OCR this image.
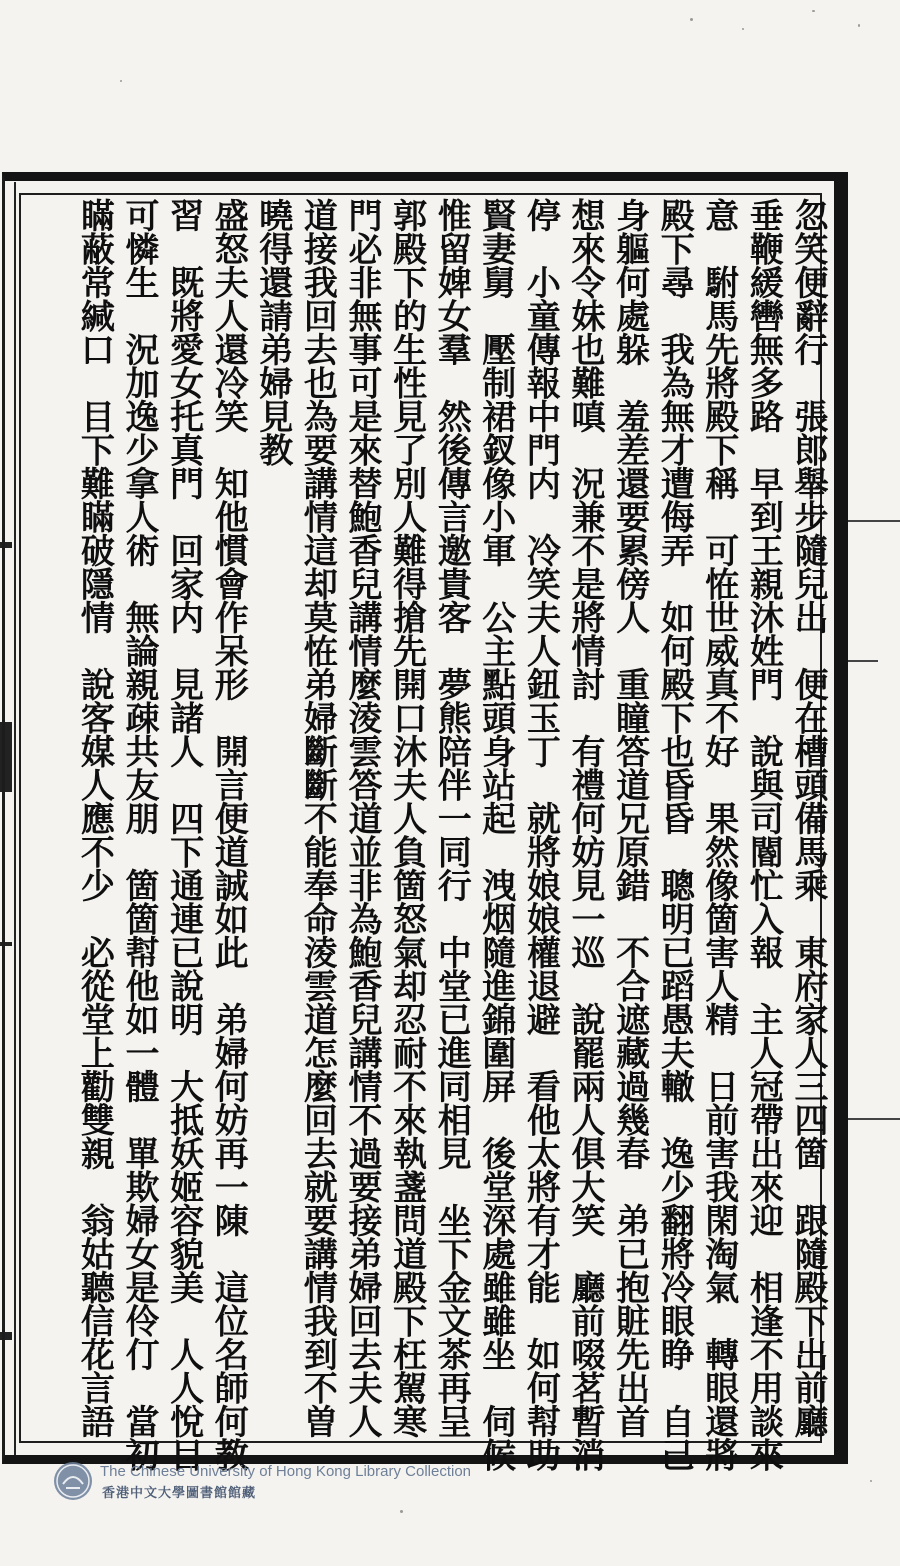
忽笑便辭行　張郎舉步隨兒出　便在槽頭備馬乘　東府家人三四箇　跟隨殿下出前廳
垂鞭緩轡無多路　早到王親沐姓門　說與司閽忙入報　主人冠帶出來迎　相逢不用談來
意　駙馬先將殿下稱　可恠世威真不好　果然像箇害人精　日前害我閑淘氣　轉眼還將
殿下尋　我為無才遭侮弄　如何殿下也昏昏　聰明已蹈愚夫轍　逸少翻將冷眼睁　自己
身軀何處躲　羞差還要累傍人　重瞳答道兄原錯　不合遮藏過幾春　弟已抱賍先出首
想來令妹也難嗔　況兼不是將情討　有禮何妨見一巡　說罷兩人俱大笑　廳前啜茗暫消
停　小童傳報中門内　冷笑夫人鈕玉丁　就將娘娘權退避　看他太將有才能　如何幇助
賢妻舅　壓制裙釵像小軍　公主點頭身站起　洩烟隨進錦圍屏　後堂深處雖雖坐　伺候
惟留婢女羣　然後傳言邀貴客　夢熊陪伴一同行　中堂已進同相見　坐下金文茶再呈
郭殿下的生性見了別人難得搶先開口沐夫人負箇怒氣却忍耐不來執盞問道殿下枉駕寒
門必非無事可是來替鮑香兒講情麼淩雲答道並非為鮑香兒講情不過要接弟婦回去夫人
道接我回去也為要講情這却莫恠弟婦斷斷不能奉命淩雲道怎麼回去就要講情我到不曽
曉得還請弟婦見教
盛怒夫人還冷笑　知他慣會作呆形　開言便道誠如此　弟婦何妨再一陳　這位名師何教
習　既將愛女托真門　回家内　見諸人　四下通連已說明　大抵妖姬容貌美　人人悅目
可憐生　況加逸少拿人術　無論親疎共友朋　箇箇幇他如一體　單欺婦女是伶仃　當初
瞞蔽常緘口　目下難瞞破隱情　說客媒人應不少　必從堂上勸雙親　翁姑聽信花言語
The Chinese University of Hong Kong Library Collection
香港中文大學圖書館館藏
